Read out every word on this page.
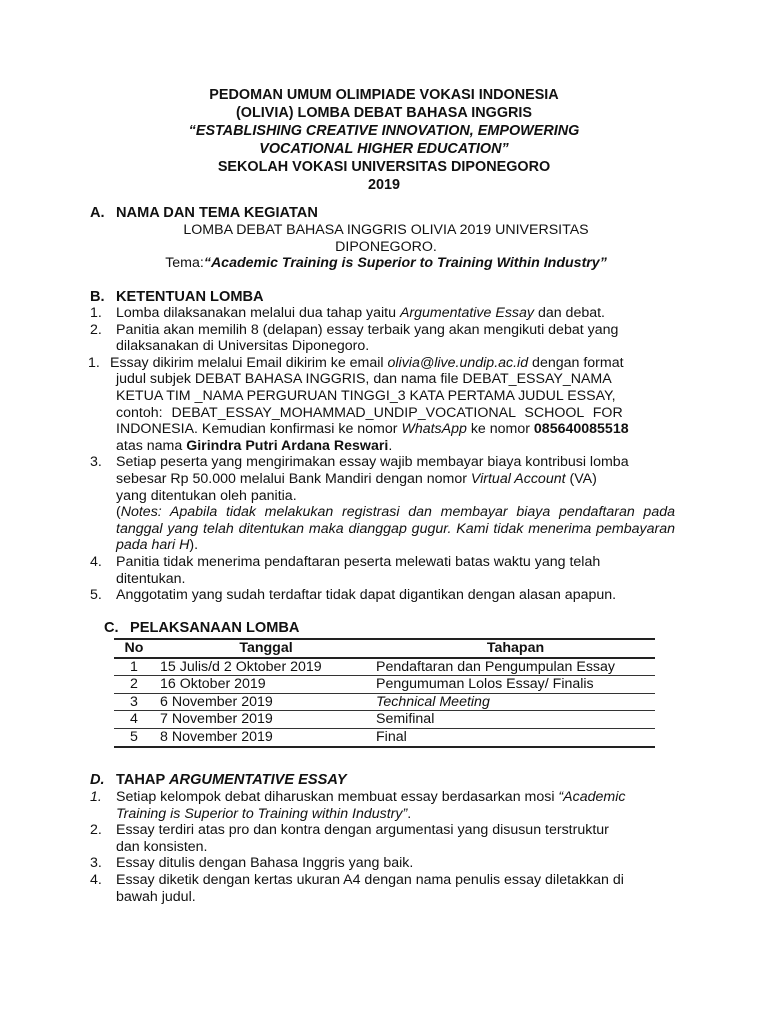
PEDOMAN UMUM OLIMPIADE VOKASI INDONESIA
(OLIVIA) LOMBA DEBAT BAHASA INGGRIS
“ESTABLISHING CREATIVE INNOVATION, EMPOWERING
VOCATIONAL HIGHER EDUCATION”
SEKOLAH VOKASI UNIVERSITAS DIPONEGORO
2019
A. NAMA DAN TEMA KEGIATAN
LOMBA DEBAT BAHASA INGGRIS OLIVIA 2019 UNIVERSITAS
DIPONEGORO.
Tema:“Academic Training is Superior to Training Within Industry”
B. KETENTUAN LOMBA
1. Lomba dilaksanakan melalui dua tahap yaitu Argumentative Essay dan debat.

2. Panitia akan memilih 8 (delapan) essay terbaik yang akan mengikuti debat yang

dilaksanakan di Universitas Diponegoro.

1. Essay dikirim melalui Email dikirim ke email olivia@live.undip.ac.id dengan format

judul subjek DEBAT BAHASA INGGRIS, dan nama file DEBAT_ESSAY_NAMA

KETUA TIM _NAMA PERGURUAN TINGGI_3 KATA PERTAMA JUDUL ESSAY,

contoh: DEBAT_ESSAY_MOHAMMAD_UNDIP_VOCATIONAL SCHOOL FOR

INDONESIA. Kemudian konfirmasi ke nomor WhatsApp ke nomor 085640085518

atas nama Girindra Putri Ardana Reswari.

3. Setiap peserta yang mengirimakan essay wajib membayar biaya kontribusi lomba

sebesar Rp 50.000 melalui Bank Mandiri dengan nomor Virtual Account (VA)

yang ditentukan oleh panitia.

(Notes: Apabila tidak melakukan registrasi dan membayar biaya pendaftaran pada tanggal yang telah ditentukan maka dianggap gugur. Kami tidak menerima pembayaran pada hari H).

4. Panitia tidak menerima pendaftaran peserta melewati batas waktu yang telah

ditentukan.

5. Anggotatim yang sudah terdaftar tidak dapat digantikan dengan alasan apapun.

C. PELAKSANAAN LOMBA
No	Tanggal	Tahapan
1	15 Julis/d 2 Oktober 2019	Pendaftaran dan Pengumpulan Essay
2	16 Oktober 2019	Pengumuman Lolos Essay/ Finalis
3	6 November 2019	Technical Meeting
4	7 November 2019	Semifinal
5	8 November 2019	Final
D. TAHAP ARGUMENTATIVE ESSAY
1. Setiap kelompok debat diharuskan membuat essay berdasarkan mosi “Academic

Training is Superior to Training within Industry”.

2. Essay terdiri atas pro dan kontra dengan argumentasi yang disusun terstruktur

dan konsisten.

3. Essay ditulis dengan Bahasa Inggris yang baik.

4. Essay diketik dengan kertas ukuran A4 dengan nama penulis essay diletakkan di

bawah judul.
